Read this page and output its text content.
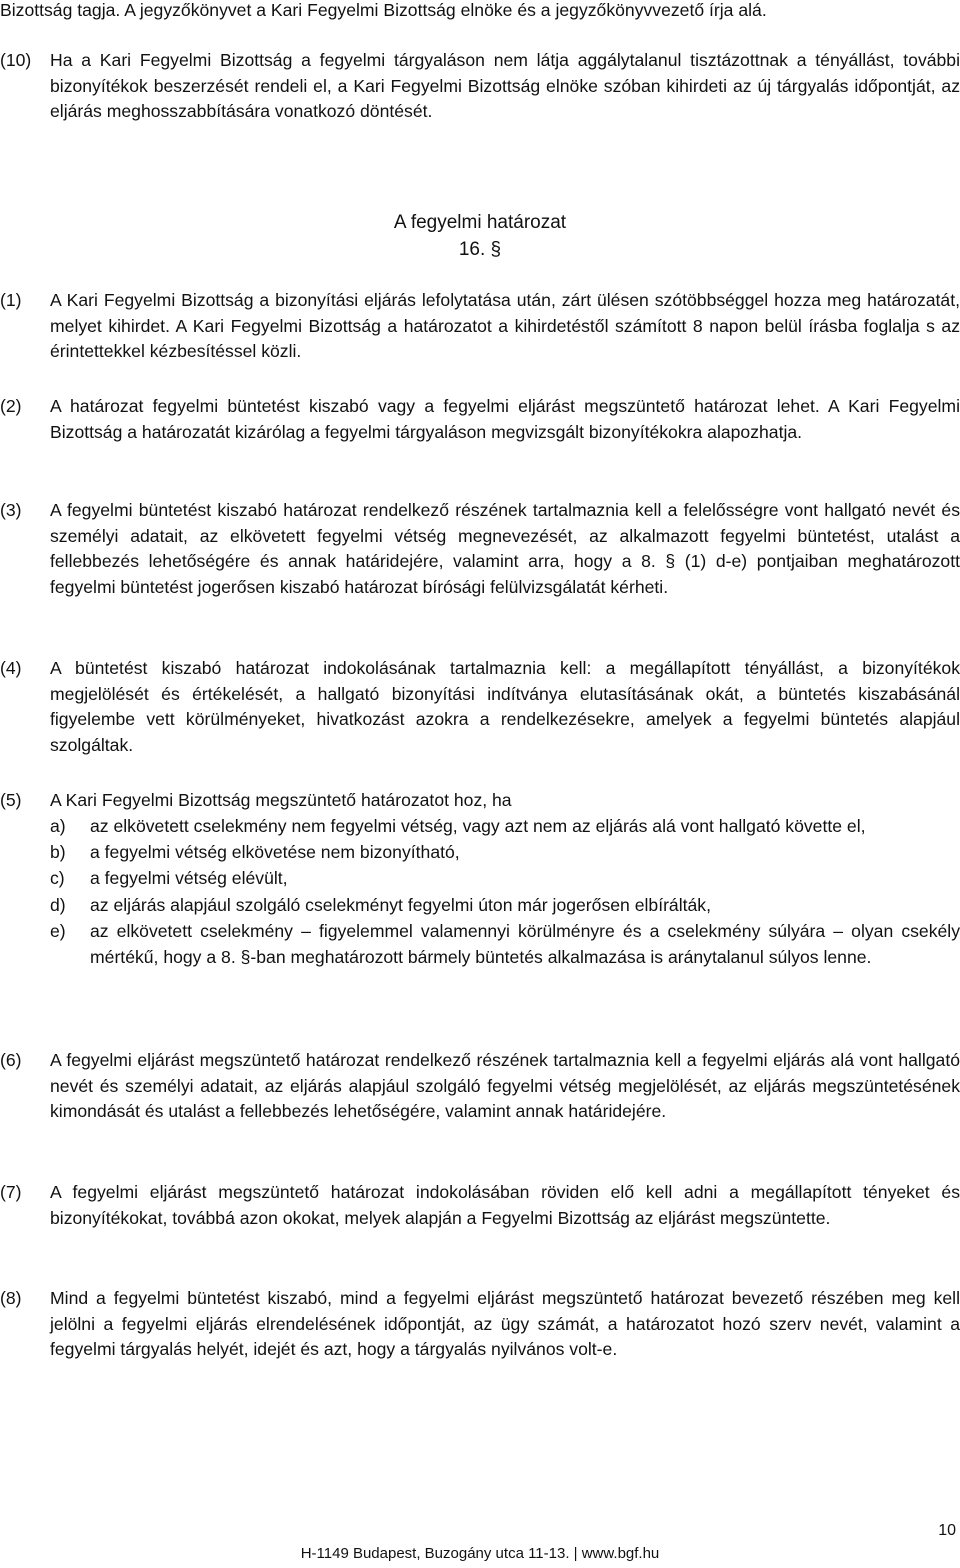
Bizottság tagja. A jegyzőkönyvet a Kari Fegyelmi Bizottság elnöke és a jegyzőkönyvvezető írja alá.

(10)	Ha a Kari Fegyelmi Bizottság a fegyelmi tárgyaláson nem látja aggálytalanul tisztázottnak a tényállást, további bizonyítékok beszerzését rendeli el, a Kari Fegyelmi Bizottság elnöke szóban kihirdeti az új tárgyalás időpontját, az eljárás meghosszabbítására vonatkozó döntését.

A fegyelmi határozat

16. §

(1)	A Kari Fegyelmi Bizottság a bizonyítási eljárás lefolytatása után, zárt ülésen szótöbbséggel hozza meg határozatát, melyet kihirdet. A Kari Fegyelmi Bizottság a határozatot a kihirdetéstől számított 8 napon belül írásba foglalja s az érintettekkel kézbesítéssel közli.
(2)	A határozat fegyelmi büntetést kiszabó vagy a fegyelmi eljárást megszüntető határozat lehet. A Kari Fegyelmi Bizottság a határozatát kizárólag a fegyelmi tárgyaláson megvizsgált bizonyítékokra alapozhatja.
(3)	A fegyelmi büntetést kiszabó határozat rendelkező részének tartalmaznia kell a felelősségre vont hallgató nevét és személyi adatait, az elkövetett fegyelmi vétség megnevezését, az alkalmazott fegyelmi büntetést, utalást a fellebbezés lehetőségére és annak határidejére, valamint arra, hogy a 8. § (1) d-e) pontjaiban meghatározott fegyelmi büntetést jogerősen kiszabó határozat bírósági felülvizsgálatát kérheti.
(4)	A büntetést kiszabó határozat indokolásának tartalmaznia kell: a megállapított tényállást, a bizonyítékok megjelölését és értékelését, a hallgató bizonyítási indítványa elutasításának okát, a büntetés kiszabásánál figyelembe vett körülményeket, hivatkozást azokra a rendelkezésekre, amelyek a fegyelmi büntetés alapjául szolgáltak.
(5)	A Kari Fegyelmi Bizottság megszüntető határozatot hoz, ha
a)	az elkövetett cselekmény nem fegyelmi vétség, vagy azt nem az eljárás alá vont hallgató követte el,
b)	a fegyelmi vétség elkövetése nem bizonyítható,
c)	a fegyelmi vétség elévült,
d)	az eljárás alapjául szolgáló cselekményt fegyelmi úton már jogerősen elbírálták,
e)	az elkövetett cselekmény – figyelemmel valamennyi körülményre és a cselekmény súlyára – olyan csekély mértékű, hogy a 8. §-ban meghatározott bármely büntetés alkalmazása is aránytalanul súlyos lenne.
(6)	A fegyelmi eljárást megszüntető határozat rendelkező részének tartalmaznia kell a fegyelmi eljárás alá vont hallgató nevét és személyi adatait, az eljárás alapjául szolgáló fegyelmi vétség megjelölését, az eljárás megszüntetésének kimondását és utalást a fellebbezés lehetőségére, valamint annak határidejére.
(7)	A fegyelmi eljárást megszüntető határozat indokolásában röviden elő kell adni a megállapított tényeket és bizonyítékokat, továbbá azon okokat, melyek alapján a Fegyelmi Bizottság az eljárást megszüntette.
(8)	Mind a fegyelmi büntetést kiszabó, mind a fegyelmi eljárást megszüntető határozat bevezető részében meg kell jelölni a fegyelmi eljárás elrendelésének időpontját, az ügy számát, a határozatot hozó szerv nevét, valamint a fegyelmi tárgyalás helyét, idejét és azt, hogy a tárgyalás nyilvános volt-e.
10
H-1149 Budapest, Buzogány utca 11-13. | www.bgf.hu
